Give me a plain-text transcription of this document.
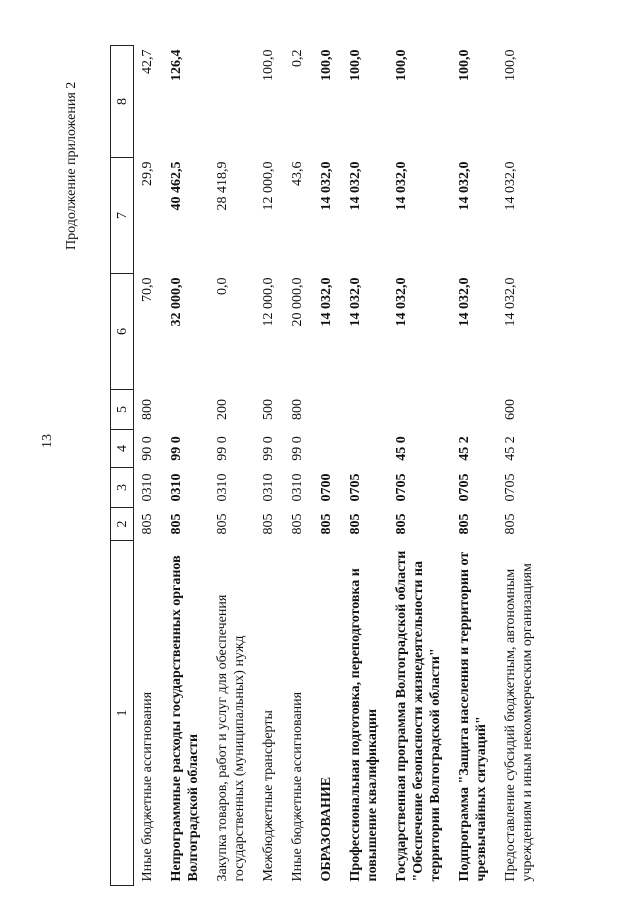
13
Продолжение приложения 2
1	2	3	4	5	6	7	8
Иные бюджетные ассигнования	805	0310	90 0	800	70,0	29,9	42,7
Непрограммные расходы государственных органов Волгоградской области	805	0310	99 0		32 000,0	40 462,5	126,4
Закупка товаров, работ и услуг для обеспечения государственных (муниципальных) нужд	805	0310	99 0	200	0,0	28 418,9	
Межбюджетные трансферты	805	0310	99 0	500	12 000,0	12 000,0	100,0
Иные бюджетные ассигнования	805	0310	99 0	800	20 000,0	43,6	0,2
ОБРАЗОВАНИЕ	805	0700			14 032,0	14 032,0	100,0
Профессиональная подготовка, переподготовка и повышение квалификации	805	0705			14 032,0	14 032,0	100,0
Государственная программа Волгоградской области "Обеспечение безопасности жизнедеятельности на территории Волгоградской области"	805	0705	45 0		14 032,0	14 032,0	100,0
Подпрограмма "Защита населения и территории от чрезвычайных ситуаций"	805	0705	45 2		14 032,0	14 032,0	100,0
Предоставление субсидий бюджетным, автономным учреждениям и иным некоммерческим организациям	805	0705	45 2	600	14 032,0	14 032,0	100,0
